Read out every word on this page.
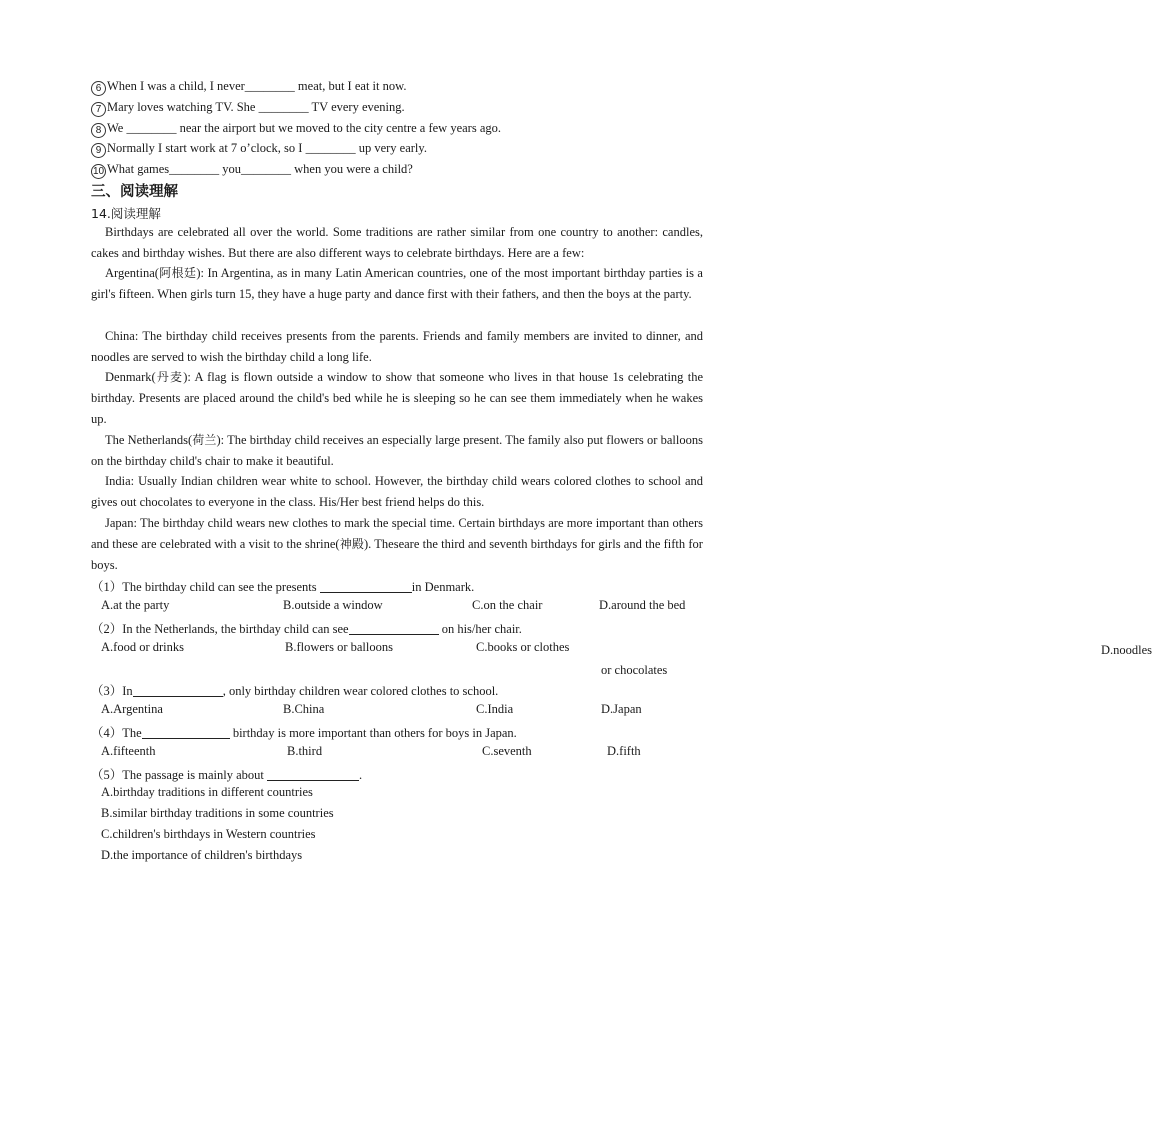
6 When I was a child, I never________ meat, but I eat it now.
7 Mary loves watching TV. She ________ TV every evening.
8 We ________ near the airport but we moved to the city centre a few years ago.
9 Normally I start work at 7 o’clock, so I ________ up very early.
10 What games________ you________ when you were a child?
三、阅读理解
14.阅读理解
Birthdays are celebrated all over the world. Some traditions are rather similar from one country to another: candles, cakes and birthday wishes. But there are also different ways to celebrate birthdays. Here are a few:
Argentina(阿根廷): In Argentina, as in many Latin American countries, one of the most important birthday parties is a girl's fifteen. When girls turn 15, they have a huge party and dance first with their fathers, and then the boys at the party.
China: The birthday child receives presents from the parents. Friends and family members are invited to dinner, and noodles are served to wish the birthday child a long life.
Denmark(丹麦): A flag is flown outside a window to show that someone who lives in that house 1s celebrating the birthday. Presents are placed around the child's bed while he is sleeping so he can see them immediately when he wakes up.
The Netherlands(荷兰): The birthday child receives an especially large present. The family also put flowers or balloons on the birthday child's chair to make it beautiful.
India: Usually Indian children wear white to school. However, the birthday child wears colored clothes to school and gives out chocolates to everyone in the class. His/Her best friend helps do this.
Japan: The birthday child wears new clothes to mark the special time. Certain birthdays are more important than others and these are celebrated with a visit to the shrine(神殿). Theseare the third and seventh birthdays for girls and the fifth for boys.
（1）The birthday child can see the presents	in Denmark.
A.at the party	B.outside a window	C.on the chair	D.around the bed
（2）In the Netherlands, the birthday child can see	on his/her chair.
A.food or drinks	B.flowers or balloons	C.books or clothes	D.noodles or chocolates
（3）In	, only birthday children wear colored clothes to school.
A.Argentina	B.China	C.India	D.Japan
（4）The	birthday is more important than others for boys in Japan.
A.fifteenth	B.third	C.seventh	D.fifth
（5）The passage is mainly about	.
A.birthday traditions in different countries
B.similar birthday traditions in some countries
C.children's birthdays in Western countries
D.the importance of children's birthdays
